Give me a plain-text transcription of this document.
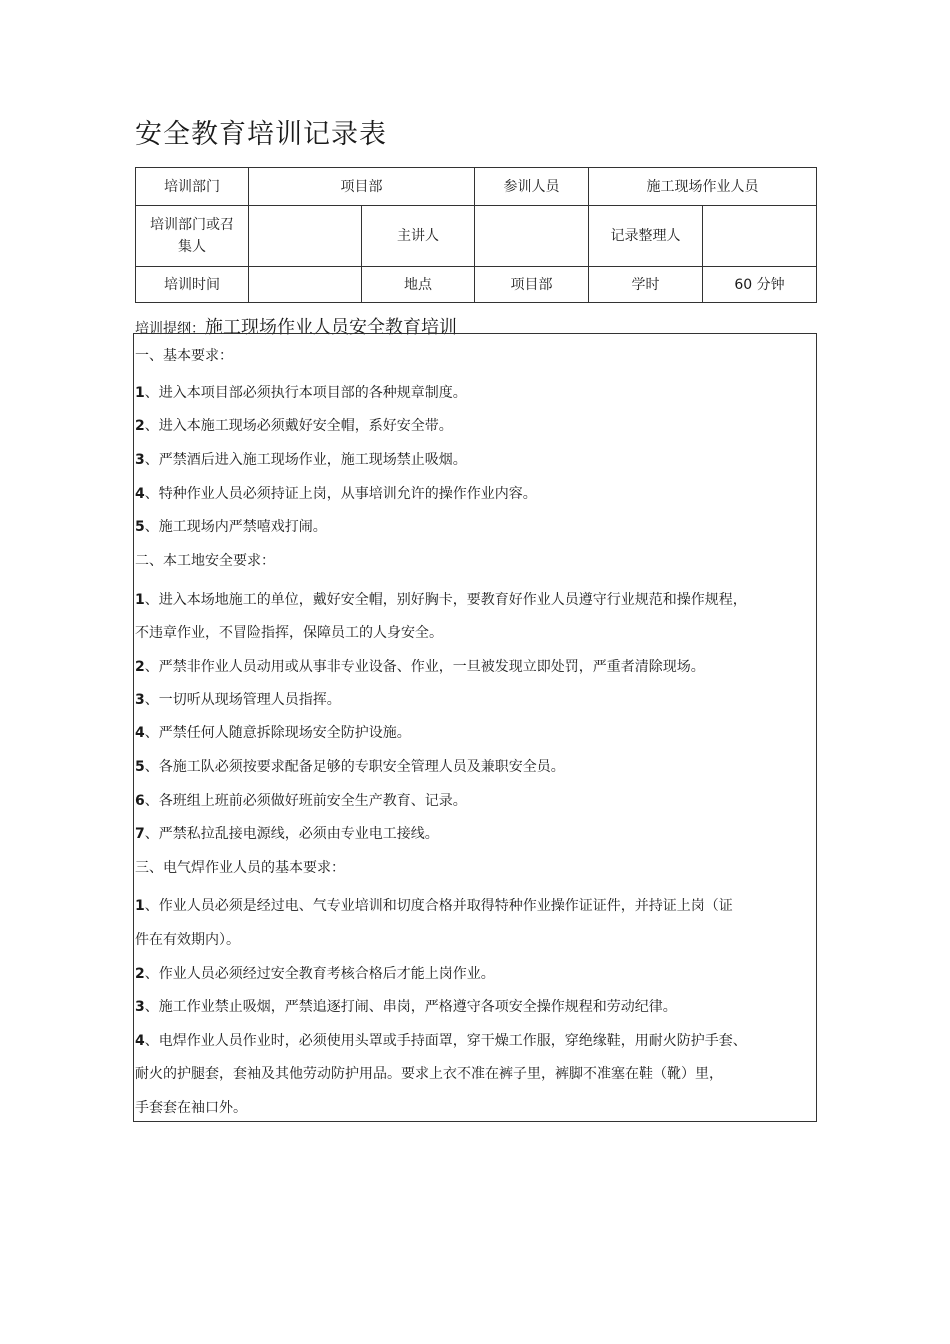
安全教育培训记录表
培训部门	项目部		参训人员	施工现场作业人员	
培训部门或召集人		主讲人		记录整理人	
培训时间		地点	项目部	学时	60 分钟
培训提纲：施工现场作业人员安全教育培训
一、基本要求：
1、进入本项目部必须执行本项目部的各种规章制度。
2、进入本施工现场必须戴好安全帽，系好安全带。
3、严禁酒后进入施工现场作业，施工现场禁止吸烟。
4、特种作业人员必须持证上岗，从事培训允许的操作作业内容。
5、施工现场内严禁嘻戏打闹。
二、本工地安全要求：
1、进入本场地施工的单位，戴好安全帽，别好胸卡，要教育好作业人员遵守行业规范和操作规程，
不违章作业，不冒险指挥，保障员工的人身安全。
2、严禁非作业人员动用或从事非专业设备、作业，一旦被发现立即处罚，严重者清除现场。
3、一切听从现场管理人员指挥。
4、严禁任何人随意拆除现场安全防护设施。
5、各施工队必须按要求配备足够的专职安全管理人员及兼职安全员。
6、各班组上班前必须做好班前安全生产教育、记录。
7、严禁私拉乱接电源线，必须由专业电工接线。
三、电气焊作业人员的基本要求：
1、作业人员必须是经过电、气专业培训和切度合格并取得特种作业操作证证件，并持证上岗（证
件在有效期内）。
2、作业人员必须经过安全教育考核合格后才能上岗作业。
3、施工作业禁止吸烟，严禁追逐打闹、串岗，严格遵守各项安全操作规程和劳动纪律。
4、电焊作业人员作业时，必须使用头罩或手持面罩，穿干燥工作服，穿绝缘鞋，用耐火防护手套、
耐火的护腿套，套袖及其他劳动防护用品。要求上衣不准在裤子里，裤脚不准塞在鞋（靴）里，
手套套在袖口外。
